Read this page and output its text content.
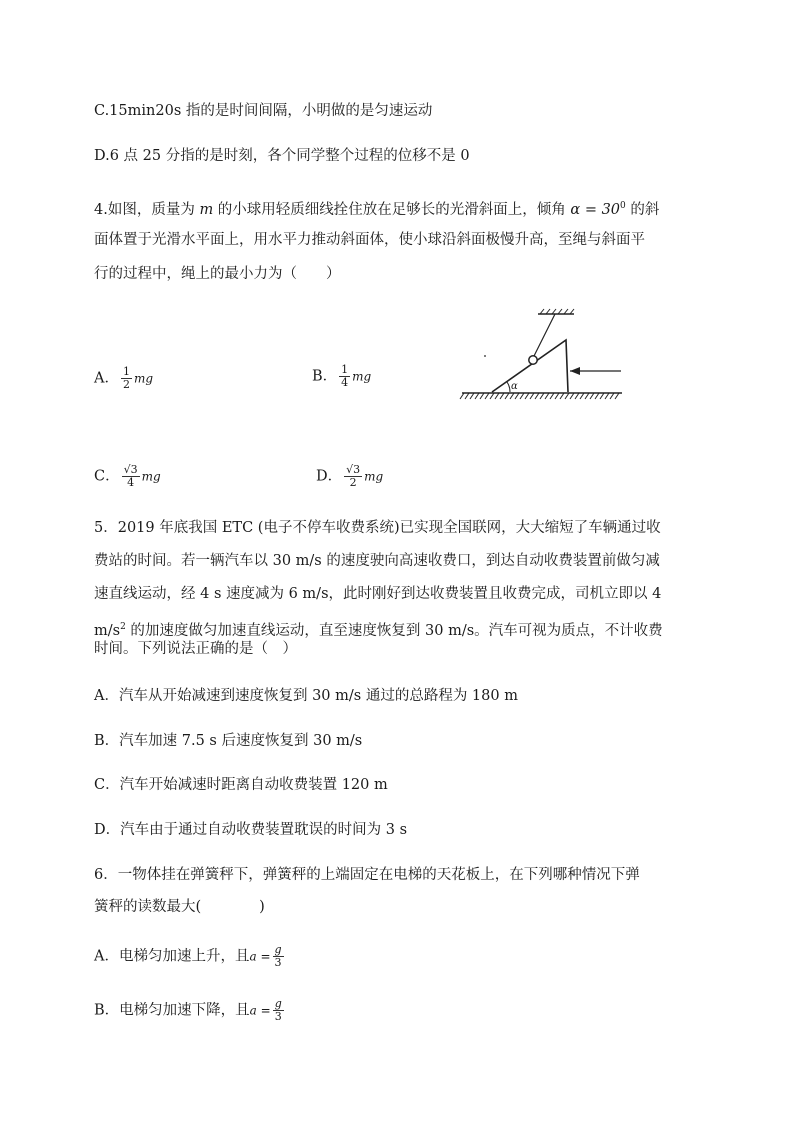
C.15min20s 指的是时间间隔，小明做的是匀速运动
D.6 点 25 分指的是时刻，各个同学整个过程的位移不是 0
4.如图，质量为 m 的小球用轻质细线拴住放在足够长的光滑斜面上，倾角 $\alpha = 30^0$ 的斜
面体置于光滑水平面上，用水平力推动斜面体，使小球沿斜面极慢升高，至绳与斜面平
行的过程中，绳上的最小力为（　　）
A． $\frac{1}{2}$ mg	B． $\frac{1}{4}$ mg
C． $\frac{√3}{4}$ mg	D． $\frac{√3}{2}$ mg
α
5．2019 年底我国 ETC (电子不停车收费系统)已实现全国联网，大大缩短了车辆通过收
费站的时间。若一辆汽车以 30 m/s 的速度驶向高速收费口，到达自动收费装置前做匀减
速直线运动，经 4 s 速度减为 6 m/s，此时刚好到达收费装置且收费完成，司机立即以 4
$m/s^2$ 的加速度做匀加速直线运动，直至速度恢复到 30 m/s。汽车可视为质点，不计收费
时间。下列说法正确的是（　）
A．汽车从开始减速到速度恢复到 30 m/s 通过的总路程为 180 m
B．汽车加速 7.5 s 后速度恢复到 30 m/s
C．汽车开始减速时距离自动收费装置 120 m
D．汽车由于通过自动收费装置耽误的时间为 3 s
6．一物体挂在弹簧秤下，弹簧秤的上端固定在电梯的天花板上，在下列哪种情况下弹
簧秤的读数最大(　　　　)
A．电梯匀加速上升，且$a = \frac{g}{3}$
B．电梯匀加速下降，且$a = \frac{g}{3}$
